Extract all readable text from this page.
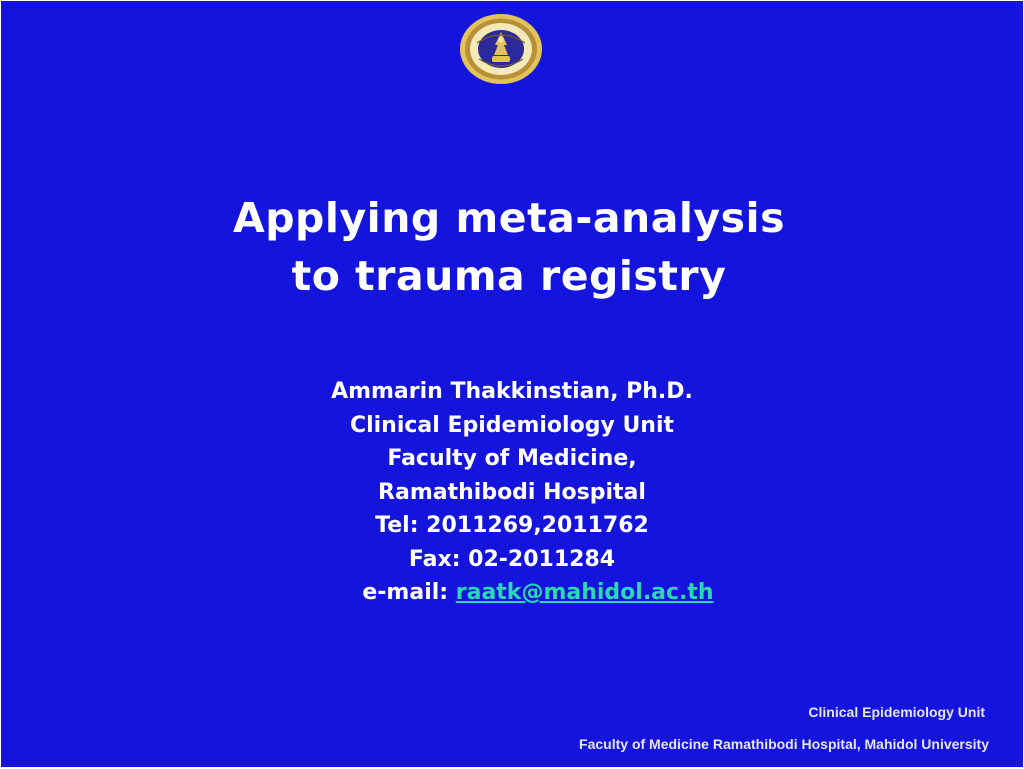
Applying meta-analysis
to trauma registry
Ammarin Thakkinstian, Ph.D.
Clinical Epidemiology Unit
Faculty of Medicine,
Ramathibodi Hospital
Tel: 2011269,2011762
Fax: 02-2011284
e-mail: raatk@mahidol.ac.th
Clinical Epidemiology Unit
Faculty of Medicine Ramathibodi Hospital, Mahidol University
